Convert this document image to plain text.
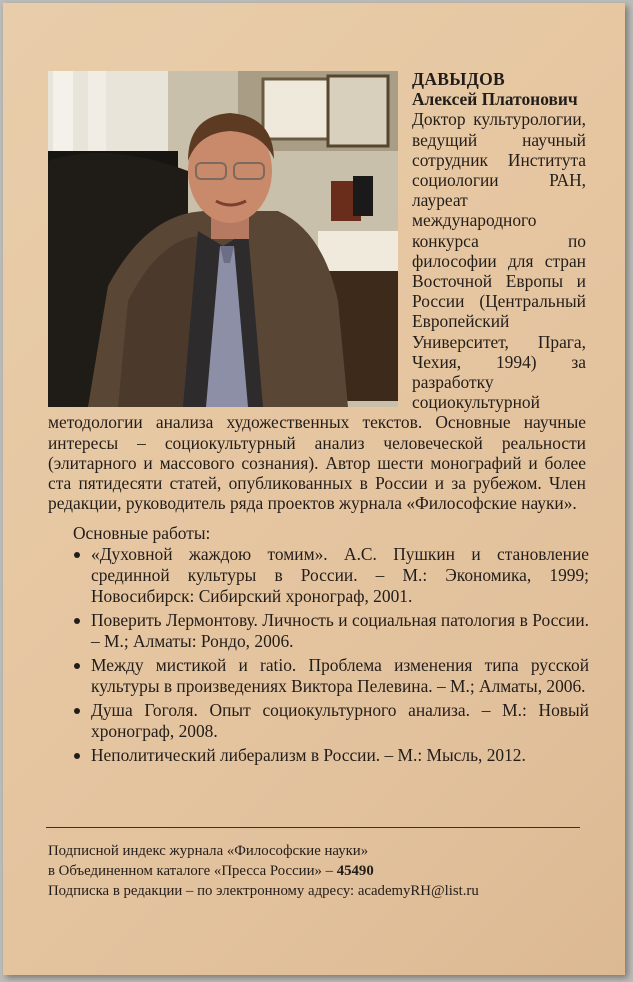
ДАВЫДОВ
Алексей Платонович
Доктор культурологии, ведущий научный сотрудник Института социологии РАН, лауреат международного конкурса по философии для стран Восточной Европы и России (Центральный Европейский Университет, Прага, Чехия, 1994) за разработку социокультурной методологии анализа художественных текстов. Основные научные интересы – социокультурный анализ человеческой реальности (элитарного и массового сознания). Автор шести монографий и более ста пятидесяти статей, опубликованных в России и за рубежом. Член редакции, руководитель ряда проектов журнала «Философские науки».
Основные работы:
«Духовной жаждою томим». А.С. Пушкин и становление срединной культуры в России. – М.: Экономика, 1999; Новосибирск: Сибирский хронограф, 2001.
Поверить Лермонтову. Личность и социальная патология в России. – М.; Алматы: Рондо, 2006.
Между мистикой и ratio. Проблема изменения типа русской культуры в произведениях Виктора Пелевина. – М.; Алматы, 2006.
Душа Гоголя. Опыт социокультурного анализа. – М.: Новый хронограф, 2008.
Неполитический либерализм в России. – М.: Мысль, 2012.
Подписной индекс журнала «Философские науки»
в Объединенном каталоге «Пресса России» – 45490
Подписка в редакции – по электронному адресу: academyRH@list.ru
